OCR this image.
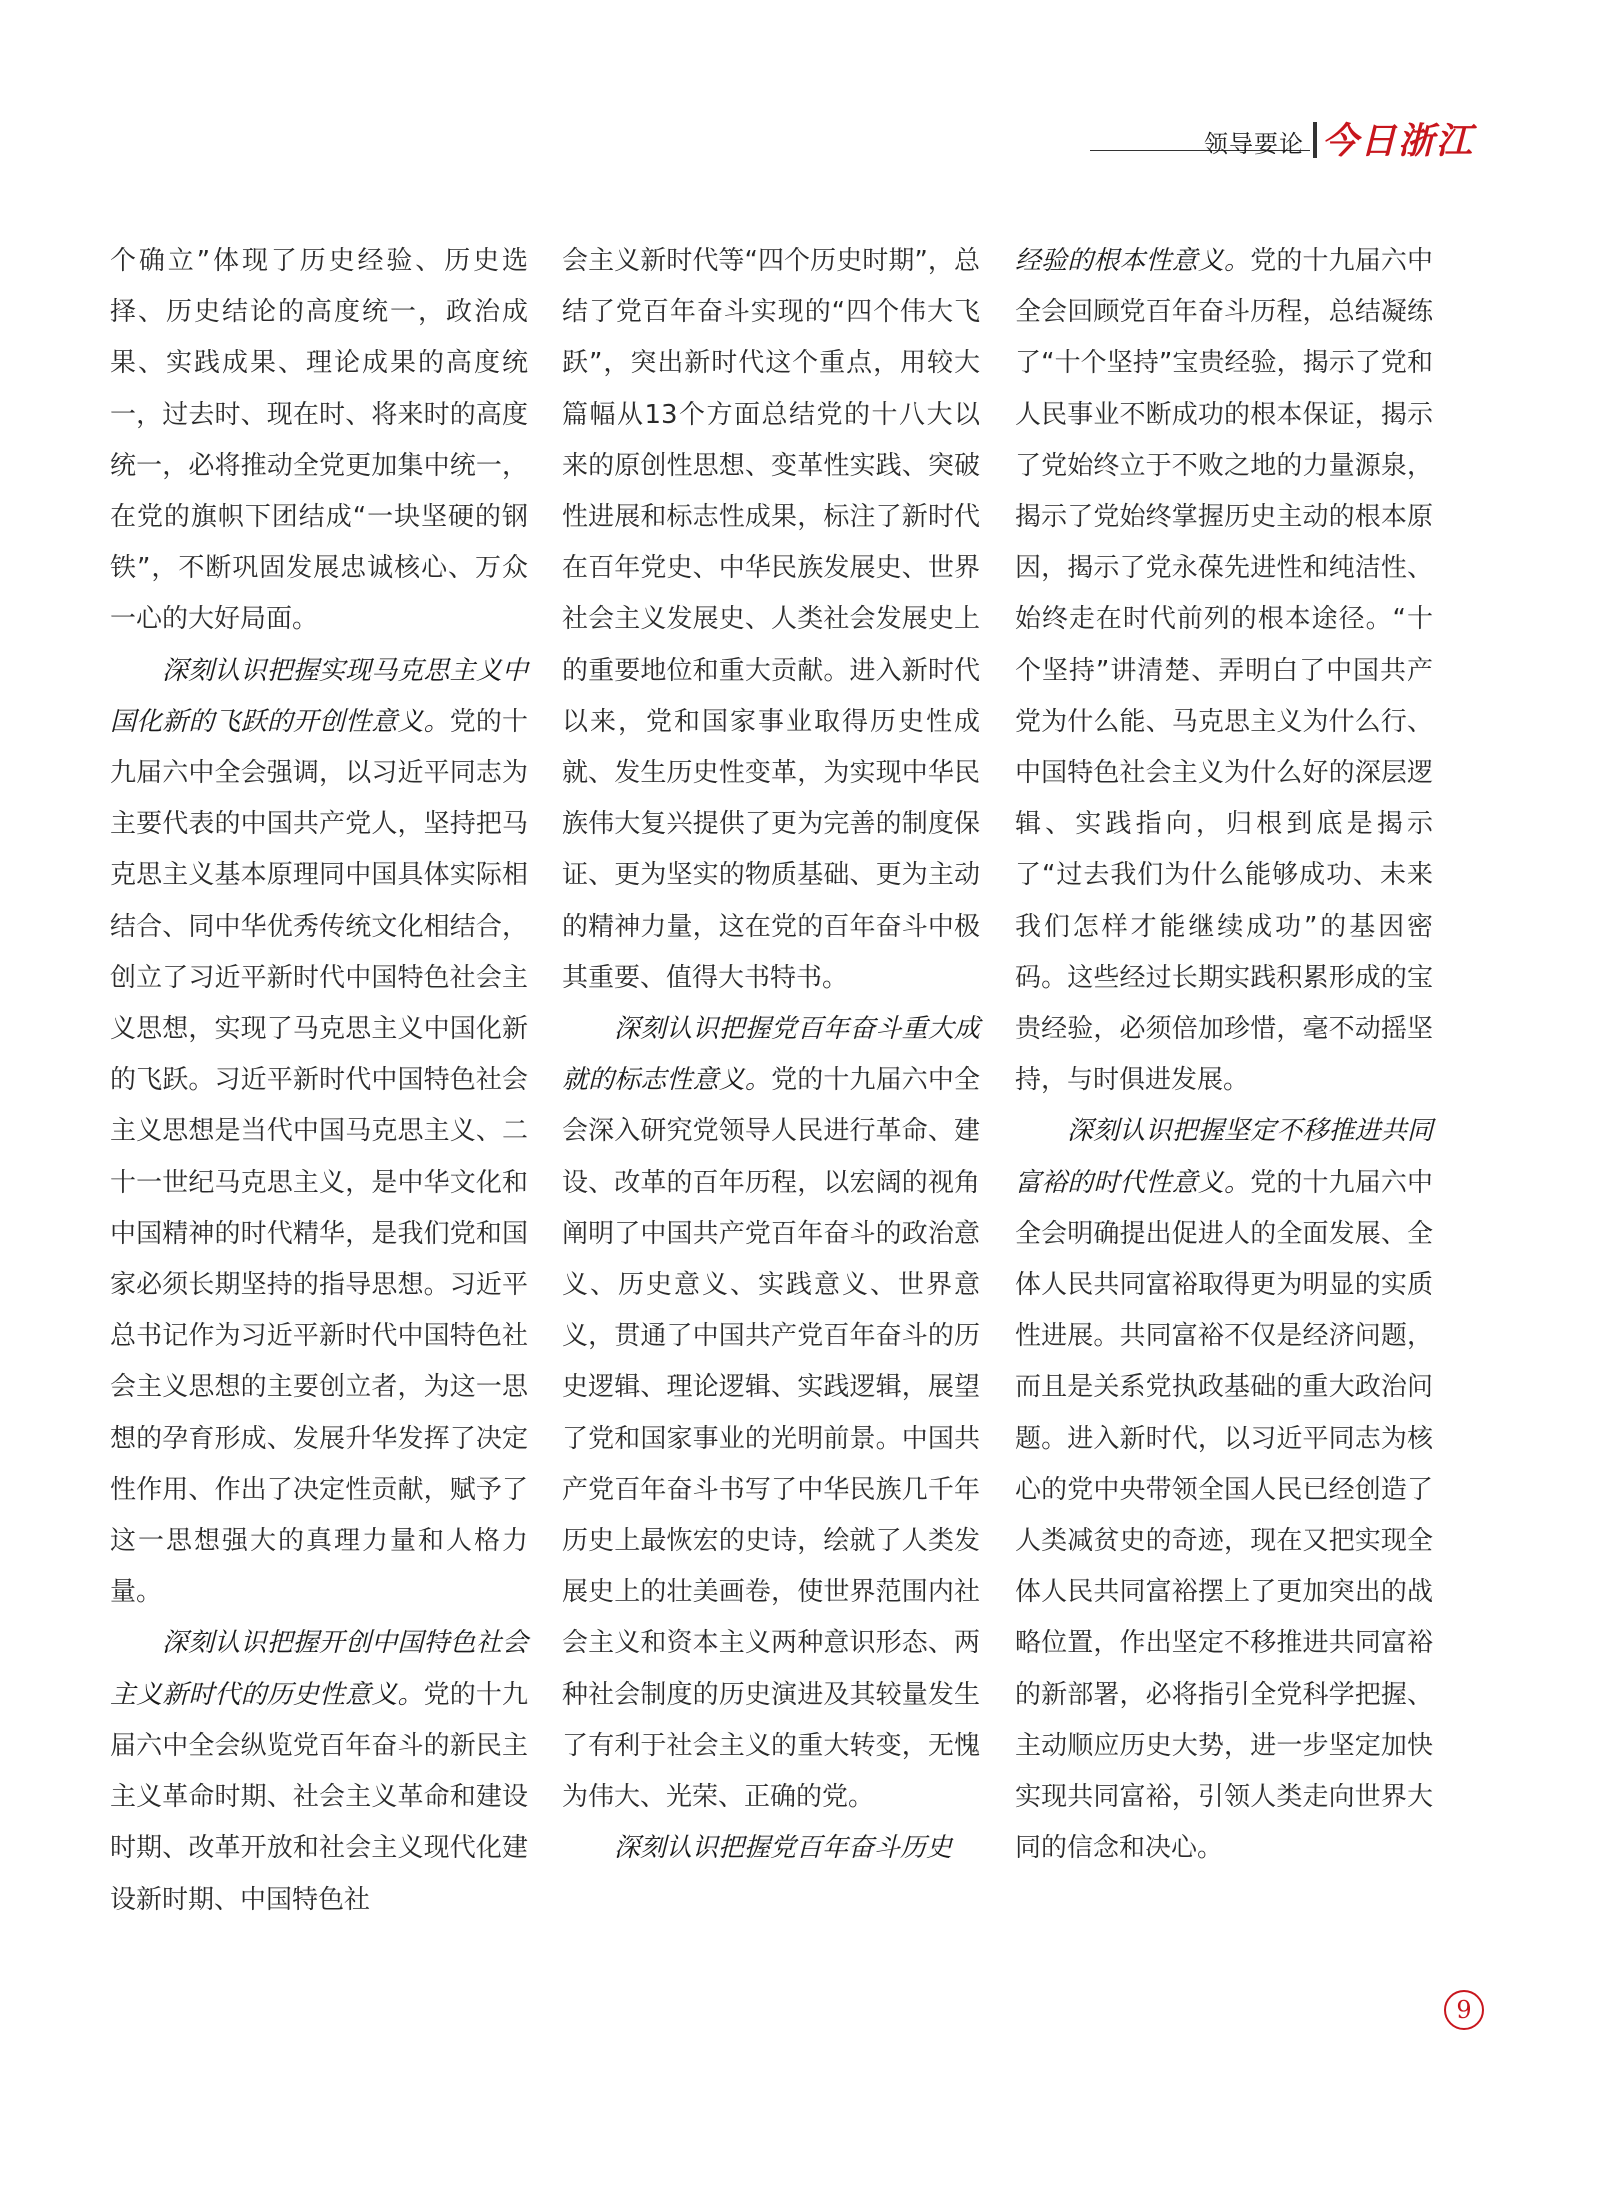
领导要论 今日浙江

个确立”体现了历史经验、历史选择、历史结论的高度统一，政治成果、实践成果、理论成果的高度统一，过去时、现在时、将来时的高度统一，必将推动全党更加集中统一，在党的旗帜下团结成“一块坚硬的钢铁”，不断巩固发展忠诚核心、万众一心的大好局面。

深刻认识把握实现马克思主义中国化新的飞跃的开创性意义。党的十九届六中全会强调，以习近平同志为主要代表的中国共产党人，坚持把马克思主义基本原理同中国具体实际相结合、同中华优秀传统文化相结合，创立了习近平新时代中国特色社会主义思想，实现了马克思主义中国化新的飞跃。习近平新时代中国特色社会主义思想是当代中国马克思主义、二十一世纪马克思主义，是中华文化和中国精神的时代精华，是我们党和国家必须长期坚持的指导思想。习近平总书记作为习近平新时代中国特色社会主义思想的主要创立者，为这一思想的孕育形成、发展升华发挥了决定性作用、作出了决定性贡献，赋予了这一思想强大的真理力量和人格力量。

深刻认识把握开创中国特色社会主义新时代的历史性意义。党的十九届六中全会纵览党百年奋斗的新民主主义革命时期、社会主义革命和建设时期、改革开放和社会主义现代化建设新时期、中国特色社

会主义新时代等“四个历史时期”，总结了党百年奋斗实现的“四个伟大飞跃”，突出新时代这个重点，用较大篇幅从13个方面总结党的十八大以来的原创性思想、变革性实践、突破性进展和标志性成果，标注了新时代在百年党史、中华民族发展史、世界社会主义发展史、人类社会发展史上的重要地位和重大贡献。进入新时代以来，党和国家事业取得历史性成就、发生历史性变革，为实现中华民族伟大复兴提供了更为完善的制度保证、更为坚实的物质基础、更为主动的精神力量，这在党的百年奋斗中极其重要、值得大书特书。

深刻认识把握党百年奋斗重大成就的标志性意义。党的十九届六中全会深入研究党领导人民进行革命、建设、改革的百年历程，以宏阔的视角阐明了中国共产党百年奋斗的政治意义、历史意义、实践意义、世界意义，贯通了中国共产党百年奋斗的历史逻辑、理论逻辑、实践逻辑，展望了党和国家事业的光明前景。中国共产党百年奋斗书写了中华民族几千年历史上最恢宏的史诗，绘就了人类发展史上的壮美画卷，使世界范围内社会主义和资本主义两种意识形态、两种社会制度的历史演进及其较量发生了有利于社会主义的重大转变，无愧为伟大、光荣、正确的党。

深刻认识把握党百年奋斗历史

经验的根本性意义。党的十九届六中全会回顾党百年奋斗历程，总结凝练了“十个坚持”宝贵经验，揭示了党和人民事业不断成功的根本保证，揭示了党始终立于不败之地的力量源泉，揭示了党始终掌握历史主动的根本原因，揭示了党永葆先进性和纯洁性、始终走在时代前列的根本途径。“十个坚持”讲清楚、弄明白了中国共产党为什么能、马克思主义为什么行、中国特色社会主义为什么好的深层逻辑、实践指向，归根到底是揭示了“过去我们为什么能够成功、未来我们怎样才能继续成功”的基因密码。这些经过长期实践积累形成的宝贵经验，必须倍加珍惜，毫不动摇坚持，与时俱进发展。

深刻认识把握坚定不移推进共同富裕的时代性意义。党的十九届六中全会明确提出促进人的全面发展、全体人民共同富裕取得更为明显的实质性进展。共同富裕不仅是经济问题，而且是关系党执政基础的重大政治问题。进入新时代，以习近平同志为核心的党中央带领全国人民已经创造了人类减贫史的奇迹，现在又把实现全体人民共同富裕摆上了更加突出的战略位置，作出坚定不移推进共同富裕的新部署，必将指引全党科学把握、主动顺应历史大势，进一步坚定加快实现共同富裕，引领人类走向世界大同的信念和决心。

9
